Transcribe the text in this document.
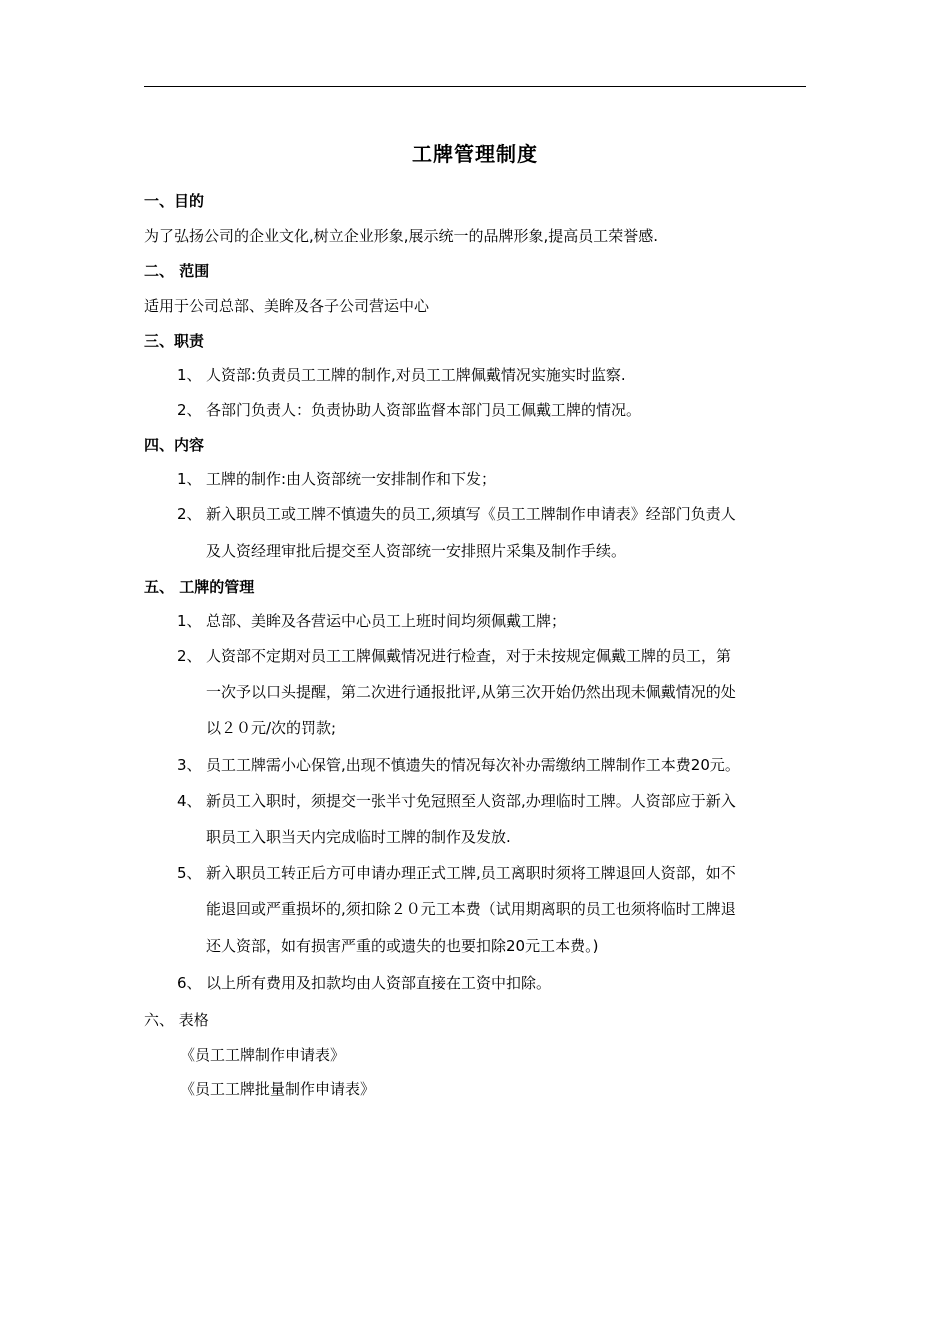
工牌管理制度
一、目的
为了弘扬公司的企业文化,树立企业形象,展示统一的品牌形象,提高员工荣誉感.
二、 范围
适用于公司总部、美眸及各子公司营运中心
三、职责
1、 人资部:负责员工工牌的制作,对员工工牌佩戴情况实施实时监察.
2、 各部门负责人：负责协助人资部监督本部门员工佩戴工牌的情况。
四、内容
1、 工牌的制作:由人资部统一安排制作和下发；
2、 新入职员工或工牌不慎遗失的员工,须填写《员工工牌制作申请表》经部门负责人
及人资经理审批后提交至人资部统一安排照片采集及制作手续。
五、 工牌的管理
1、 总部、美眸及各营运中心员工上班时间均须佩戴工牌；
2、 人资部不定期对员工工牌佩戴情况进行检查，对于未按规定佩戴工牌的员工，第
一次予以口头提醒，第二次进行通报批评,从第三次开始仍然出现未佩戴情况的处
以２０元/次的罚款;
3、 员工工牌需小心保管,出现不慎遗失的情况每次补办需缴纳工牌制作工本费20元。
4、 新员工入职时，须提交一张半寸免冠照至人资部,办理临时工牌。人资部应于新入
职员工入职当天内完成临时工牌的制作及发放.
5、 新入职员工转正后方可申请办理正式工牌,员工离职时须将工牌退回人资部，如不
能退回或严重损坏的,须扣除２０元工本费（试用期离职的员工也须将临时工牌退
还人资部，如有损害严重的或遗失的也要扣除20元工本费。)
6、 以上所有费用及扣款均由人资部直接在工资中扣除。
六、 表格
《员工工牌制作申请表》
《员工工牌批量制作申请表》
